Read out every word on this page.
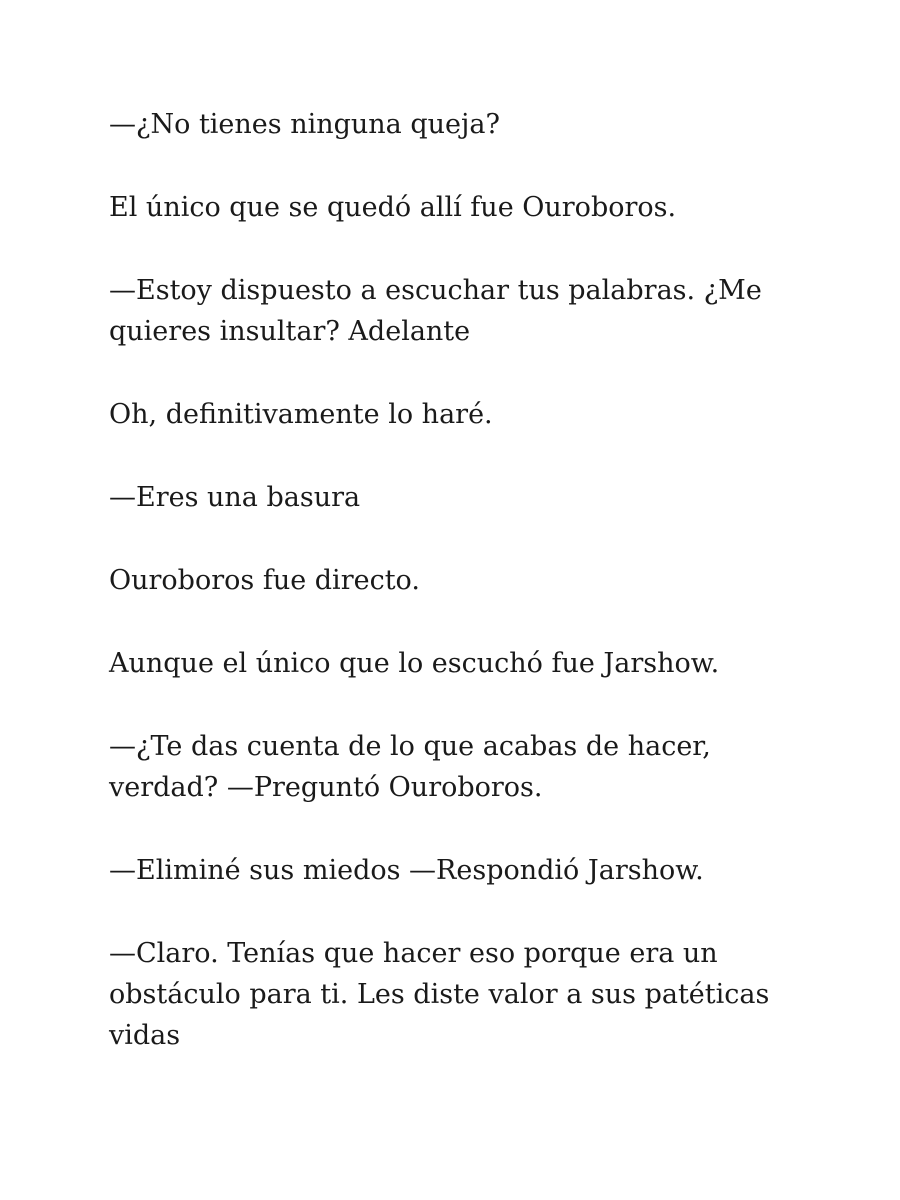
—¿No tienes ninguna queja?

El único que se quedó allí fue Ouroboros.

—Estoy dispuesto a escuchar tus palabras. ¿Me
quieres insultar? Adelante

Oh, definitivamente lo haré.

—Eres una basura

Ouroboros fue directo.

Aunque el único que lo escuchó fue Jarshow.

—¿Te das cuenta de lo que acabas de hacer,
verdad? —Preguntó Ouroboros.

—Eliminé sus miedos —Respondió Jarshow.

—Claro. Tenías que hacer eso porque era un
obstáculo para ti. Les diste valor a sus patéticas
vidas
